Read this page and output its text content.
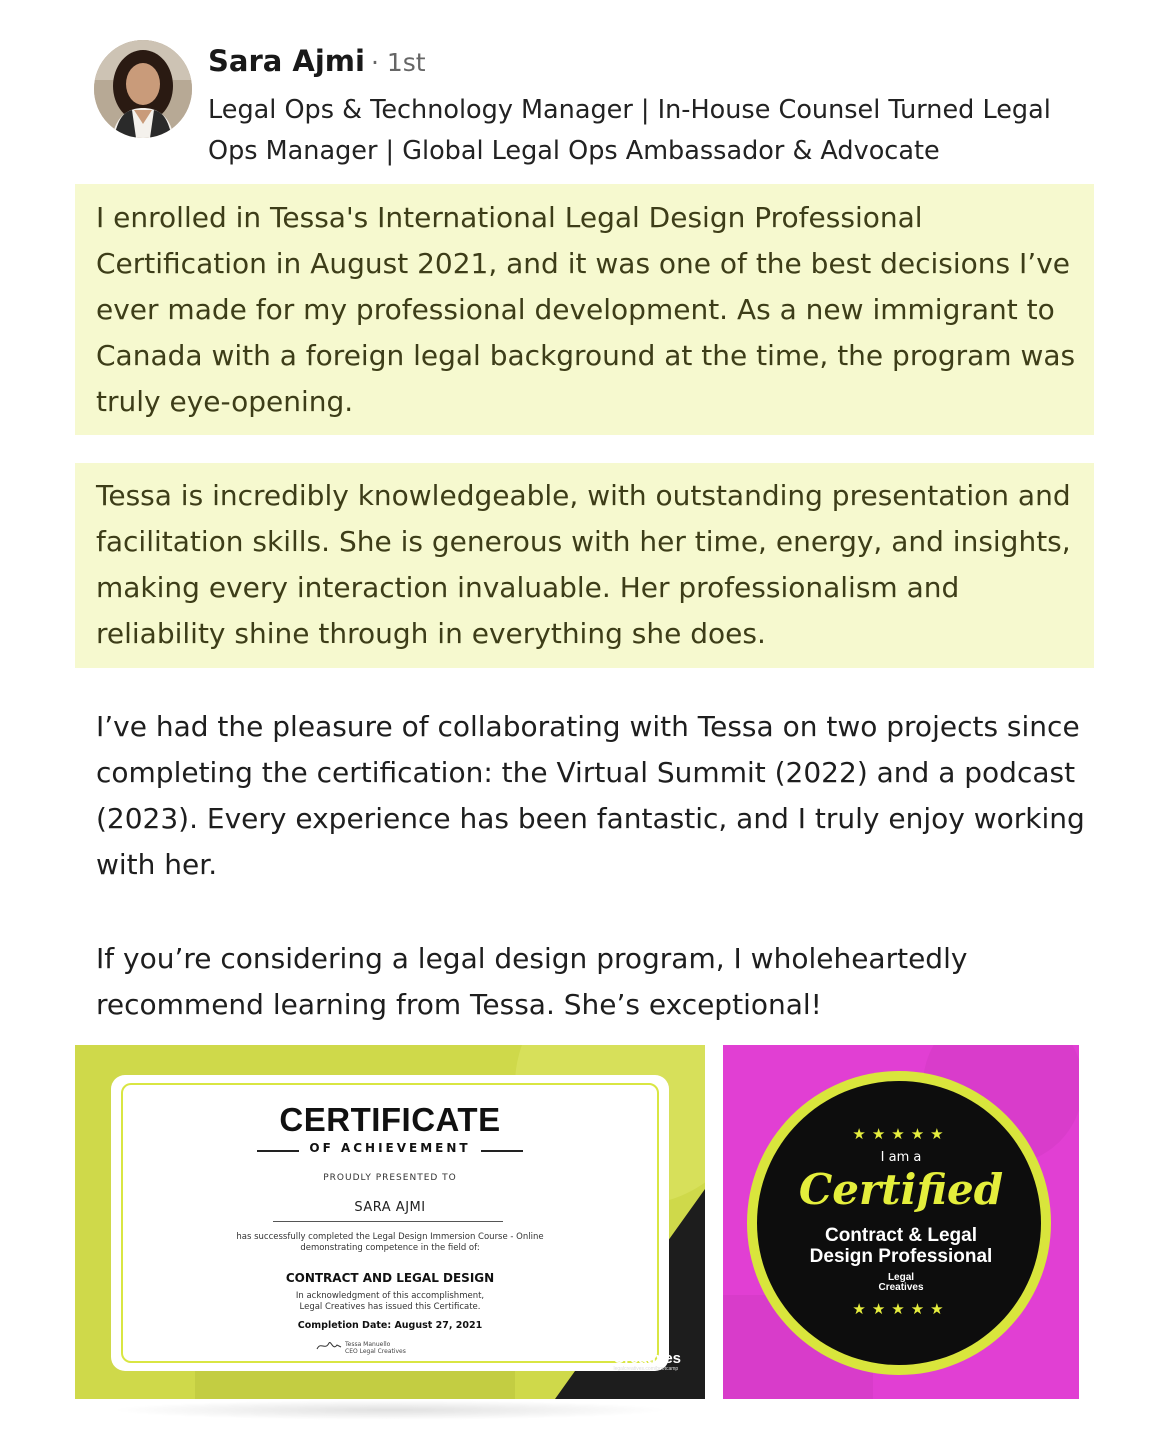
Sara Ajmi · 1st
Legal Ops & Technology Manager | In-House Counsel Turned Legal Ops Manager | Global Legal Ops Ambassador & Advocate

I enrolled in Tessa's International Legal Design Professional Certification in August 2021, and it was one of the best decisions I’ve ever made for my professional development. As a new immigrant to Canada with a foreign legal background at the time, the program was truly eye-opening.

Tessa is incredibly knowledgeable, with outstanding presentation and facilitation skills. She is generous with her time, energy, and insights, making every interaction invaluable. Her professionalism and reliability shine through in everything she does.

I’ve had the pleasure of collaborating with Tessa on two projects since completing the certification: the Virtual Summit (2022) and a podcast (2023). Every experience has been fantastic, and I truly enjoy working with her.

If you’re considering a legal design program, I wholeheartedly recommend learning from Tessa. She’s exceptional!

CERTIFICATE
OF ACHIEVEMENT
PROUDLY PRESENTED TO
SARA AJMI
has successfully completed the Legal Design Immersion Course - Online
demonstrating competence in the field of:
CONTRACT AND LEGAL DESIGN
In acknowledgment of this accomplishment,
Legal Creatives has issued this Certificate.
Completion Date: August 27, 2021
Tessa Manuello
CEO Legal Creatives	Legal
Creatives
legalcreatives.com/bootcamp
★★★★★
I am a
Certified
Contract & Legal
Design Professional
Legal
Creatives
★★★★★
